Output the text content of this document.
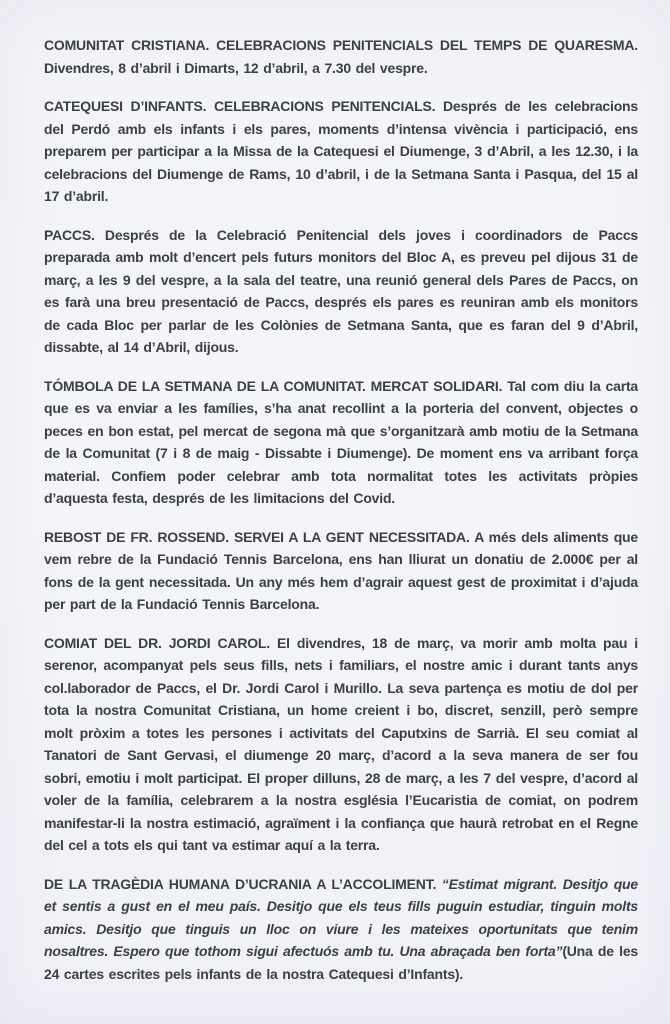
COMUNITAT CRISTIANA. CELEBRACIONS PENITENCIALS DEL TEMPS DE QUARESMA. Divendres, 8 d’abril i Dimarts, 12 d’abril, a 7.30 del vespre.

CATEQUESI D’INFANTS. CELEBRACIONS PENITENCIALS. Després de les celebracions del Perdó amb els infants i els pares, moments d’intensa vivència i participació, ens preparem per participar a la Missa de la Catequesi el Diumenge, 3 d’Abril, a les 12.30, i la celebracions del Diumenge de Rams, 10 d’abril, i de la Setmana Santa i Pasqua, del 15 al 17 d’abril.

PACCS. Després de la Celebració Penitencial dels joves i coordinadors de Paccs preparada amb molt d’encert pels futurs monitors del Bloc A, es preveu pel dijous 31 de març, a les 9 del vespre, a la sala del teatre, una reunió general dels Pares de Paccs, on es farà una breu presentació de Paccs, després els pares es reuniran amb els monitors de cada Bloc per parlar de les Colònies de Setmana Santa, que es faran del 9 d’Abril, dissabte, al 14 d’Abril, dijous.

TÓMBOLA DE LA SETMANA DE LA COMUNITAT. MERCAT SOLIDARI. Tal com diu la carta que es va enviar a les famílies, s’ha anat recollint a la porteria del convent, objectes o peces en bon estat, pel mercat de segona mà que s’organitzarà amb motiu de la Setmana de la Comunitat (7 i 8 de maig - Dissabte i Diumenge). De moment ens va arribant força material. Confiem poder celebrar amb tota normalitat totes les activitats pròpies d’aquesta festa, després de les limitacions del Covid.

REBOST DE FR. ROSSEND. SERVEI A LA GENT NECESSITADA. A més dels aliments que vem rebre de la Fundació Tennis Barcelona, ens han lliurat un donatiu de 2.000€ per al fons de la gent necessitada. Un any més hem d’agrair aquest gest de proximitat i d’ajuda per part de la Fundació Tennis Barcelona.

COMIAT DEL DR. JORDI CAROL. El divendres, 18 de març, va morir amb molta pau i serenor, acompanyat pels seus fills, nets i familiars, el nostre amic i durant tants anys col.laborador de Paccs, el Dr. Jordi Carol i Murillo. La seva partença es motiu de dol per tota la nostra Comunitat Cristiana, un home creient i bo, discret, senzill, però sempre molt pròxim a totes les persones i activitats del Caputxins de Sarrià. El seu comiat al Tanatori de Sant Gervasi, el diumenge 20 març, d’acord a la seva manera de ser fou sobri, emotiu i molt participat. El proper dilluns, 28 de març, a les 7 del vespre, d’acord al voler de la família, celebrarem a la nostra església l’Eucaristia de comiat, on podrem manifestar-li la nostra estimació, agraïment i la confiança que haurà retrobat en el Regne del cel a tots els qui tant va estimar aquí a la terra.

DE LA TRAGÈDIA HUMANA D’UCRANIA A L’ACCOLIMENT. “Estimat migrant. Desitjo que et sentis a gust en el meu país. Desitjo que els teus fills puguin estudiar, tinguin molts amics. Desitjo que tinguis un lloc on viure i les mateixes oportunitats que tenim nosaltres. Espero que tothom sigui afectuós amb tu. Una abraçada ben forta”(Una de les 24 cartes escrites pels infants de la nostra Catequesi d’Infants).
